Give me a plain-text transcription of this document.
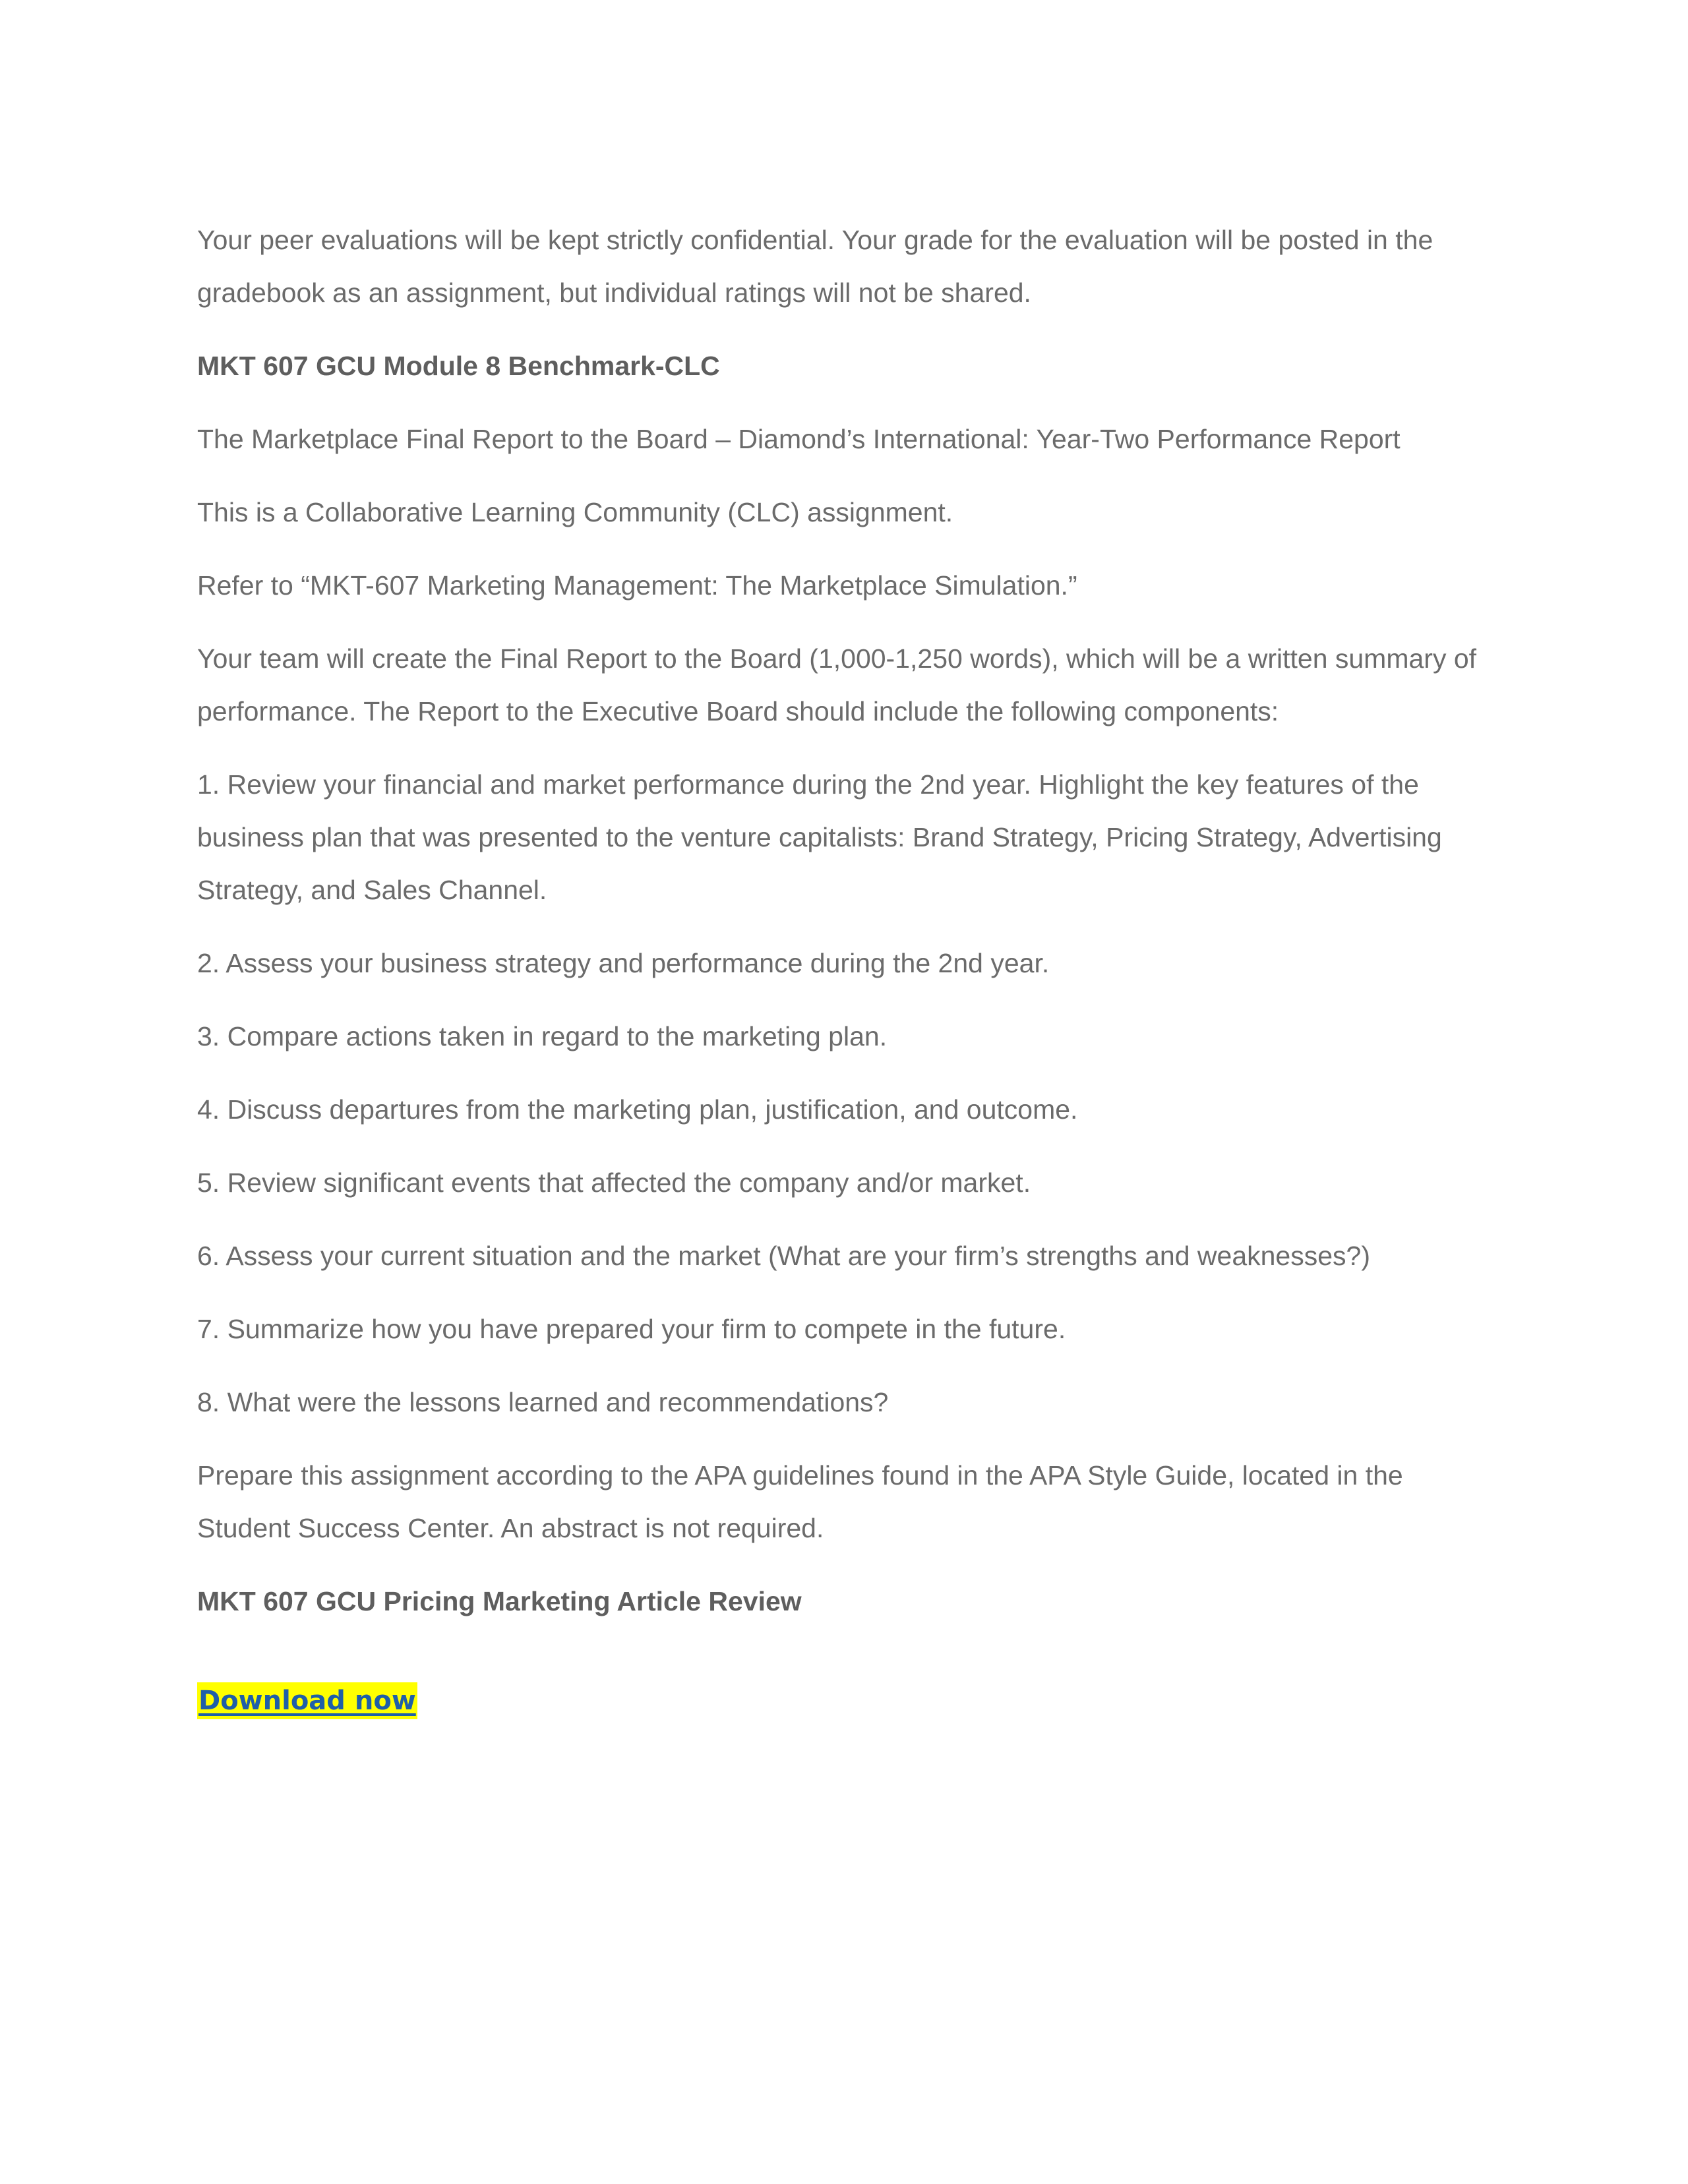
Your peer evaluations will be kept strictly confidential. Your grade for the evaluation will be posted in the gradebook as an assignment, but individual ratings will not be shared.

MKT 607 GCU Module 8 Benchmark-CLC

The Marketplace Final Report to the Board – Diamond’s International: Year-Two Performance Report

This is a Collaborative Learning Community (CLC) assignment.

Refer to “MKT-607 Marketing Management: The Marketplace Simulation.”

Your team will create the Final Report to the Board (1,000-1,250 words), which will be a written summary of performance. The Report to the Executive Board should include the following components:

1. Review your financial and market performance during the 2nd year. Highlight the key features of the business plan that was presented to the venture capitalists: Brand Strategy, Pricing Strategy, Advertising Strategy, and Sales Channel.

2. Assess your business strategy and performance during the 2nd year.

3. Compare actions taken in regard to the marketing plan.

4. Discuss departures from the marketing plan, justification, and outcome.

5. Review significant events that affected the company and/or market.

6. Assess your current situation and the market (What are your firm’s strengths and weaknesses?)

7. Summarize how you have prepared your firm to compete in the future.

8. What were the lessons learned and recommendations?

Prepare this assignment according to the APA guidelines found in the APA Style Guide, located in the Student Success Center. An abstract is not required.

MKT 607 GCU Pricing Marketing Article Review

Download now
